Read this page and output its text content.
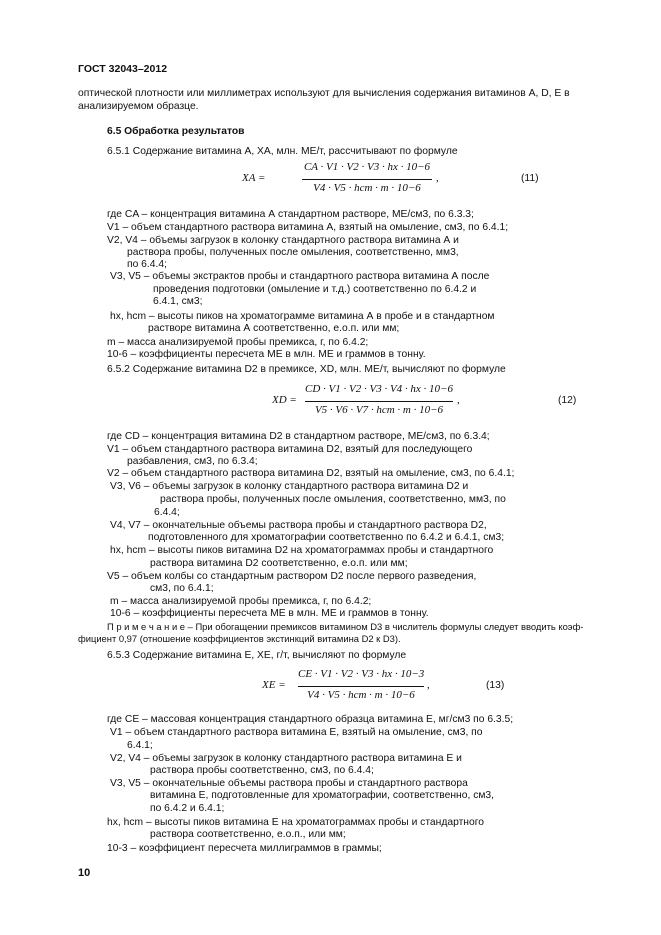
ГОСТ 32043–2012
оптической плотности или миллиметрах используют для вычисления содержания витаминов А, D, Е в
анализируемом образце.
6.5 Обработка результатов
6.5.1 Содержание витамина А, XA, млн. МЕ/т, рассчитывают по формуле
XA =
CA · V1 · V2 · V3 · hx · 10−6
V4 · V5 · hcm · m · 10−6
,	(11)
где CA – концентрация витамина А стандартном растворе, МЕ/см3, по 6.3.3;
V1 – объем стандартного раствора витамина А, взятый на омыление, см3, по 6.4.1;
V2, V4 – объемы загрузок в колонку стандартного раствора витамина А и
раствора пробы, полученных после омыления, соответственно, мм3,
по 6.4.4;
V3, V5 – объемы экстрактов пробы и стандартного раствора витамина А после
проведения подготовки (омыление и т.д.) соответственно по 6.4.2 и
6.4.1, см3;
hx, hcm – высоты пиков на хроматограмме витамина А в пробе и в стандартном
растворе витамина А соответственно, е.о.п. или мм;
m – масса анализируемой пробы премикса, г, по 6.4.2;
10-6 – коэффициенты пересчета МЕ в млн. МЕ и граммов в тонну.
6.5.2 Содержание витамина D2 в премиксе, XD, млн. МЕ/т, вычисляют по формуле
XD =
CD · V1 · V2 · V3 · V4 · hx · 10−6
V5 · V6 · V7 · hcm · m · 10−6
,	(12)
где CD – концентрация витамина D2 в стандартном растворе, МЕ/см3, по 6.3.4;
V1 – объем стандартного раствора витамина D2, взятый для последующего
разбавления, см3, по 6.3.4;
V2 – объем стандартного раствора витамина D2, взятый на омыление, см3, по 6.4.1;
V3, V6 – объемы загрузок в колонку стандартного раствора витамина D2 и
раствора пробы, полученных после омыления, соответственно, мм3, по
6.4.4;
V4, V7 – окончательные объемы раствора пробы и стандартного раствора D2,
подготовленного для хроматографии соответственно по 6.4.2 и 6.4.1, см3;
hx, hcm – высоты пиков витамина D2 на хроматограммах пробы и стандартного
раствора витамина D2 соответственно, е.о.п. или мм;
V5 – объем колбы со стандартным раствором D2 после первого разведения,
см3, по 6.4.1;
m – масса анализируемой пробы премикса, г, по 6.4.2;
10-6 – коэффициенты пересчета МЕ в млн. МЕ и граммов в тонну.
П р и м е ч а н и е – При обогащении премиксов витамином D3 в числитель формулы следует вводить коэф-
фициент 0,97 (отношение коэффициентов экстинкций витамина D2 к D3).
6.5.3 Содержание витамина Е, XE, г/т, вычисляют по формуле
XE =
CE · V1 · V2 · V3 · hx · 10−3
V4 · V5 · hcm · m · 10−6
,	(13)
где CE – массовая концентрация стандартного образца витамина Е, мг/см3 по 6.3.5;
V1 – объем стандартного раствора витамина Е, взятый на омыление, см3, по
6.4.1;
V2, V4 – объемы загрузок в колонку стандартного раствора витамина Е и
раствора пробы соответственно, см3, по 6.4.4;
V3, V5 – окончательные объемы раствора пробы и стандартного раствора
витамина Е, подготовленные для хроматографии, соответственно, см3,
по 6.4.2 и 6.4.1;
hx, hcm – высоты пиков витамина Е на хроматограммах пробы и стандартного
раствора соответственно, е.о.п., или мм;
10-3 – коэффициент пересчета миллиграммов в граммы;
10
